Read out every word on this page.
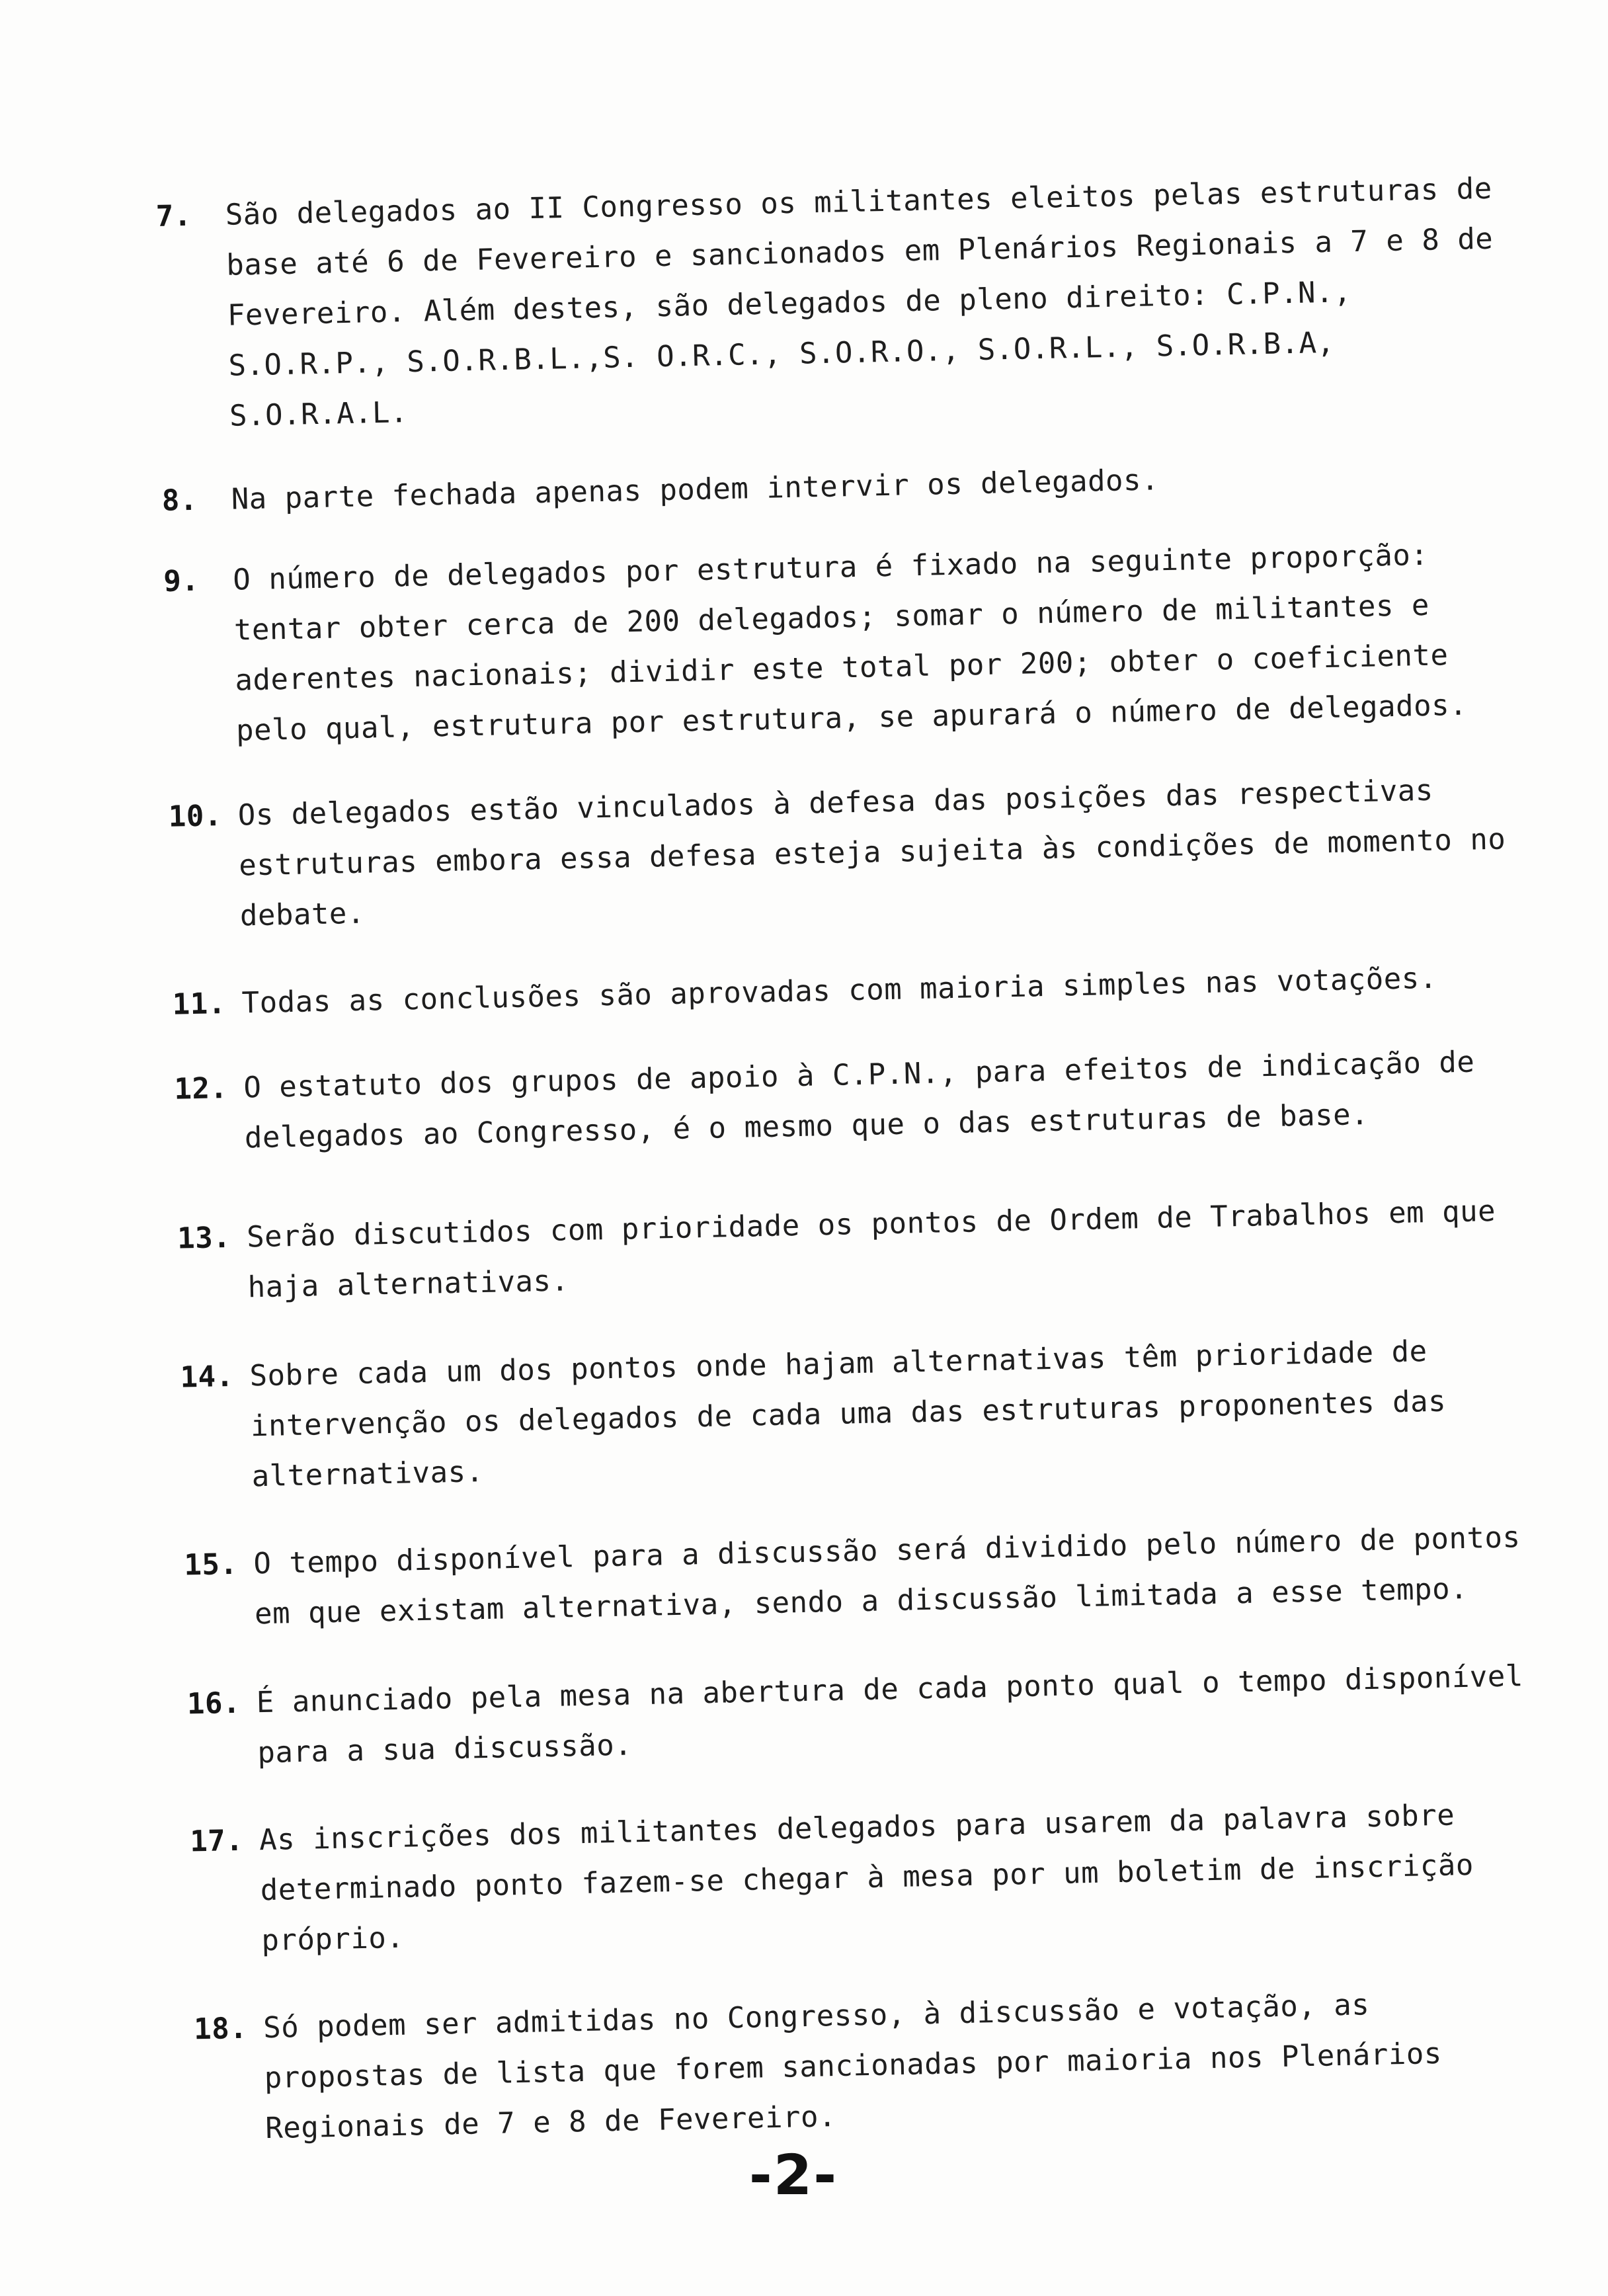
7. São delegados ao II Congresso os militantes eleitos pelas estruturas de base até 6 de Fevereiro e sancionados em Plenários Regionais a 7 e 8 de Fevereiro. Além destes, são delegados de pleno direito: C.P.N., S.O.R.P., S.O.R.B.L.,S. O.R.C., S.O.R.O., S.O.R.L., S.O.R.B.A, S.O.R.A.L.
8. Na parte fechada apenas podem intervir os delegados.
9. O número de delegados por estrutura é fixado na seguinte proporção: tentar obter cerca de 200 delegados; somar o número de militantes e aderentes nacionais; dividir este total por 200; obter o coeficiente pelo qual, estrutura por estrutura, se apurará o número de delegados.
10. Os delegados estão vinculados à defesa das posições das respectivas estruturas embora essa defesa esteja sujeita às condições de momento no debate.
11. Todas as conclusões são aprovadas com maioria simples nas votações.
12. O estatuto dos grupos de apoio à C.P.N., para efeitos de indicação de delegados ao Congresso, é o mesmo que o das estruturas de base.
13. Serão discutidos com prioridade os pontos de Ordem de Trabalhos em que haja alternativas.
14. Sobre cada um dos pontos onde hajam alternativas têm prioridade de intervenção os delegados de cada uma das estruturas proponentes das alternativas.
15. O tempo disponível para a discussão será dividido pelo número de pontos em que existam alternativa, sendo a discussão limitada a esse tempo.
16. É anunciado pela mesa na abertura de cada ponto qual o tempo disponível para a sua discussão.
17. As inscrições dos militantes delegados para usarem da palavra sobre determinado ponto fazem-se chegar à mesa por um boletim de inscrição próprio.
18. Só podem ser admitidas no Congresso, à discussão e votação, as propostas de lista que forem sancionadas por maioria nos Plenários Regionais de 7 e 8 de Fevereiro.
-2-
